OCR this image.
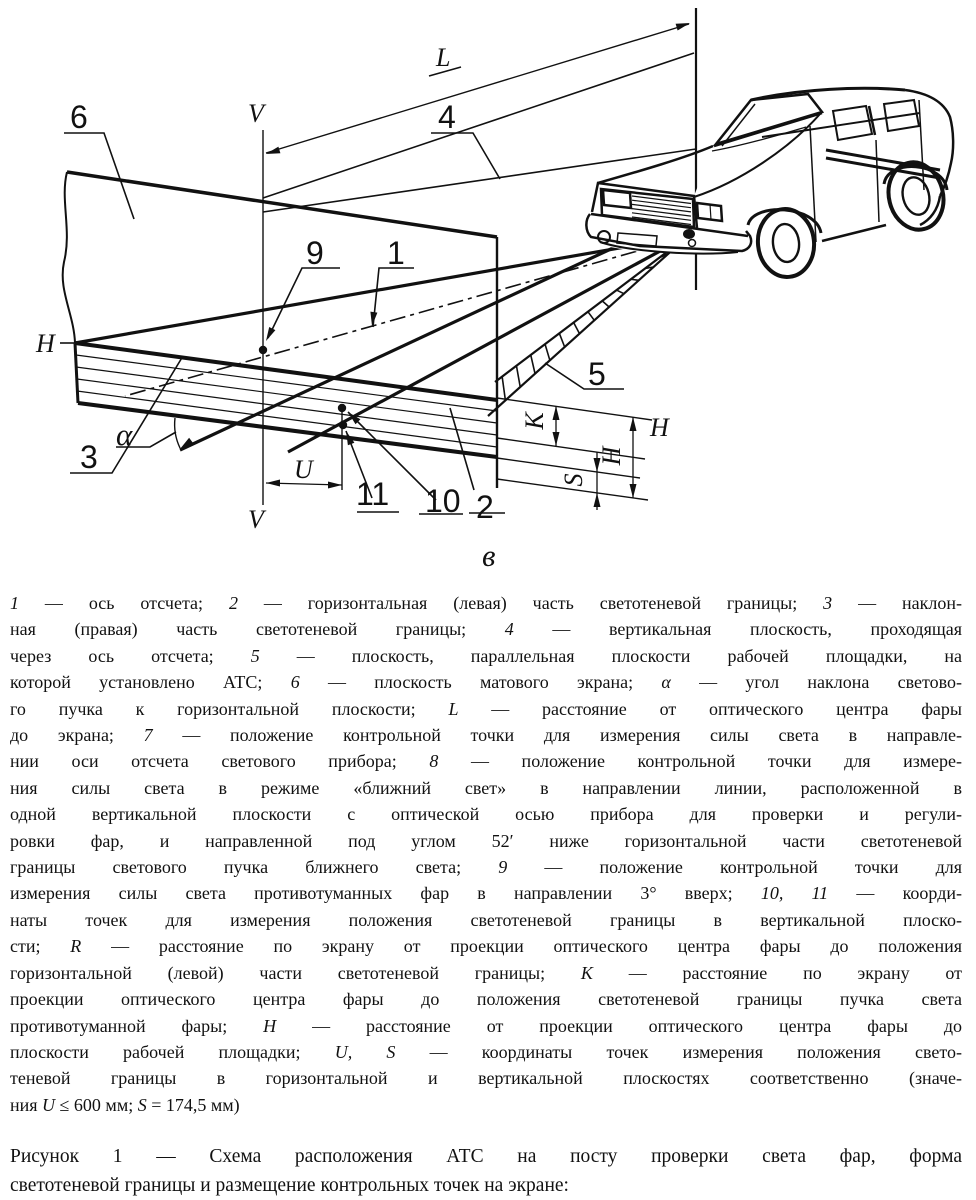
6	V
L
4
9 1
H
5
3
α
U
V
11 10 2
K
H
S
H
в
1 — ось отсчета; 2 — горизонтальная (левая) часть светотеневой границы; 3 — наклон-
ная (правая) часть светотеневой границы; 4 — вертикальная плоскость, проходящая
через ось отсчета; 5 — плоскость, параллельная плоскости рабочей площадки, на
которой установлено АТС; 6 — плоскость матового экрана; α — угол наклона светово-
го пучка к горизонтальной плоскости; L — расстояние от оптического центра фары
до экрана; 7 — положение контрольной точки для измерения силы света в направле-
нии оси отсчета светового прибора; 8 — положение контрольной точки для измере-
ния силы света в режиме «ближний свет» в направлении линии, расположенной в
одной вертикальной плоскости с оптической осью прибора для проверки и регули-
ровки фар, и направленной под углом 52′ ниже горизонтальной части светотеневой
границы светового пучка ближнего света; 9 — положение контрольной точки для
измерения силы света противотуманных фар в направлении 3° вверх; 10, 11 — коорди-
наты точек для измерения положения светотеневой границы в вертикальной плоско-
сти; R — расстояние по экрану от проекции оптического центра фары до положения
горизонтальной (левой) части светотеневой границы; K — расстояние по экрану от
проекции оптического центра фары до положения светотеневой границы пучка света
противотуманной фары; H — расстояние от проекции оптического центра фары до
плоскости рабочей площадки; U, S — координаты точек измерения положения свето-
теневой границы в горизонтальной и вертикальной плоскостях соответственно (значе-
ния U ≤ 600 мм; S = 174,5 мм)
Рисунок 1 — Схема расположения АТС на посту проверки света фар, форма
светотеневой границы и размещение контрольных точек на экране:
